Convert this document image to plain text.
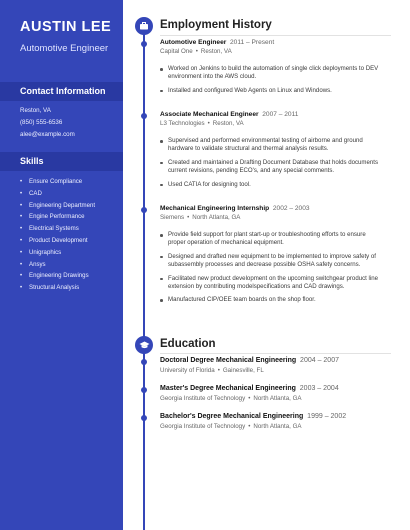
AUSTIN LEE
Automotive Engineer
Contact Information
Reston, VA
(850) 555-6536
alee@example.com
Skills
• Ensure Compliance
• CAD
• Engineering Department
• Engine Performance
• Electrical Systems
• Product Development
• Unigraphics
• Ansys
• Engineering Drawings
• Structural Analysis
Employment History
Automotive Engineer 2011 – Present
Capital One • Reston, VA
Worked on Jenkins to build the automation of single click deployments to DEV environment into the AWS cloud.
Installed and configured Web Agents on Linux and Windows.
Associate Mechanical Engineer 2007 – 2011
L3 Technologies • Reston, VA
Supervised and performed environmental testing of airborne and ground hardware to validate structural and thermal analysis results.
Created and maintained a Drafting Document Database that holds documents current revisions, pending ECO's, and any special comments.
Used CATIA for designing tool.
Mechanical Engineering Internship 2002 – 2003
Siemens • North Atlanta, GA
Provide field support for plant start-up or troubleshooting efforts to ensure proper operation of mechanical equipment.
Designed and drafted new equipment to be implemented to improve safety of subassembly processes and decrease possible OSHA safety concerns.
Facilitated new product development on the upcoming switchgear product line extension by contributing modelspecifications and CAD drawings.
Manufactured CIP/OEE team boards on the shop floor.
Education
Doctoral Degree Mechanical Engineering 2004 – 2007
University of Florida • Gainesville, FL
Master's Degree Mechanical Engineering 2003 – 2004
Georgia Institute of Technology • North Atlanta, GA
Bachelor's Degree Mechanical Engineering 1999 – 2002
Georgia Institute of Technology • North Atlanta, GA
